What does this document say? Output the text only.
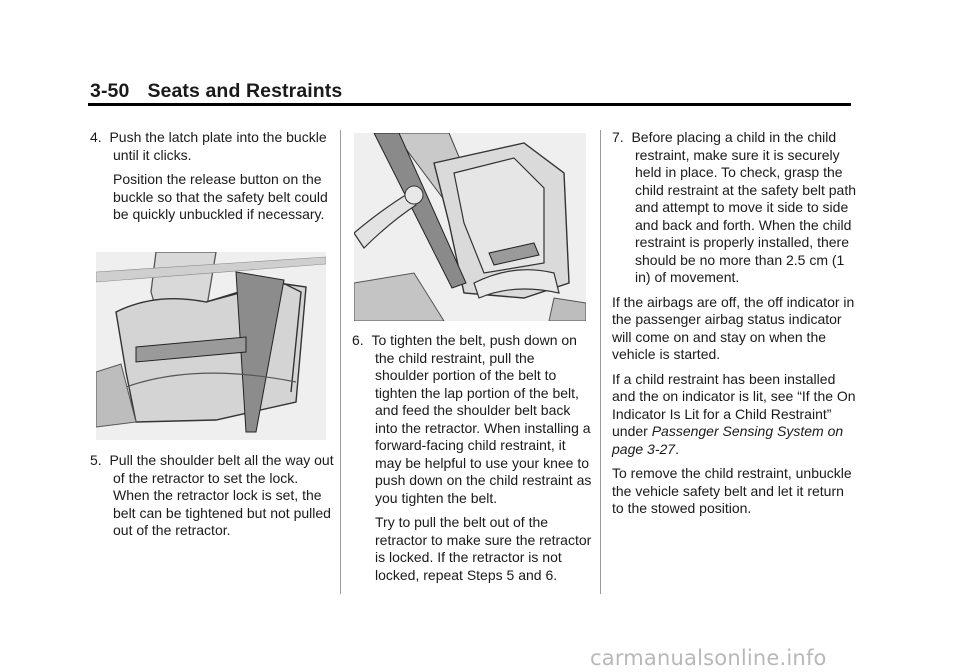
3-50 Seats and Restraints
4. Push the latch plate into the buckle until it clicks.
Position the release button on the buckle so that the safety belt could be quickly unbuckled if necessary.
5. Pull the shoulder belt all the way out of the retractor to set the lock. When the retractor lock is set, the belt can be tightened but not pulled out of the retractor.
6. To tighten the belt, push down on the child restraint, pull the shoulder portion of the belt to tighten the lap portion of the belt, and feed the shoulder belt back into the retractor. When installing a forward-facing child restraint, it may be helpful to use your knee to push down on the child restraint as you tighten the belt.
Try to pull the belt out of the retractor to make sure the retractor is locked. If the retractor is not locked, repeat Steps 5 and 6.
7. Before placing a child in the child restraint, make sure it is securely held in place. To check, grasp the child restraint at the safety belt path and attempt to move it side to side and back and forth. When the child restraint is properly installed, there should be no more than 2.5 cm (1 in) of movement.

If the airbags are off, the off indicator in the passenger airbag status indicator will come on and stay on when the vehicle is started.

If a child restraint has been installed and the on indicator is lit, see “If the On Indicator Is Lit for a Child Restraint” under Passenger Sensing System on page 3-27.

To remove the child restraint, unbuckle the vehicle safety belt and let it return to the stowed position.

carmanualsonline.info
